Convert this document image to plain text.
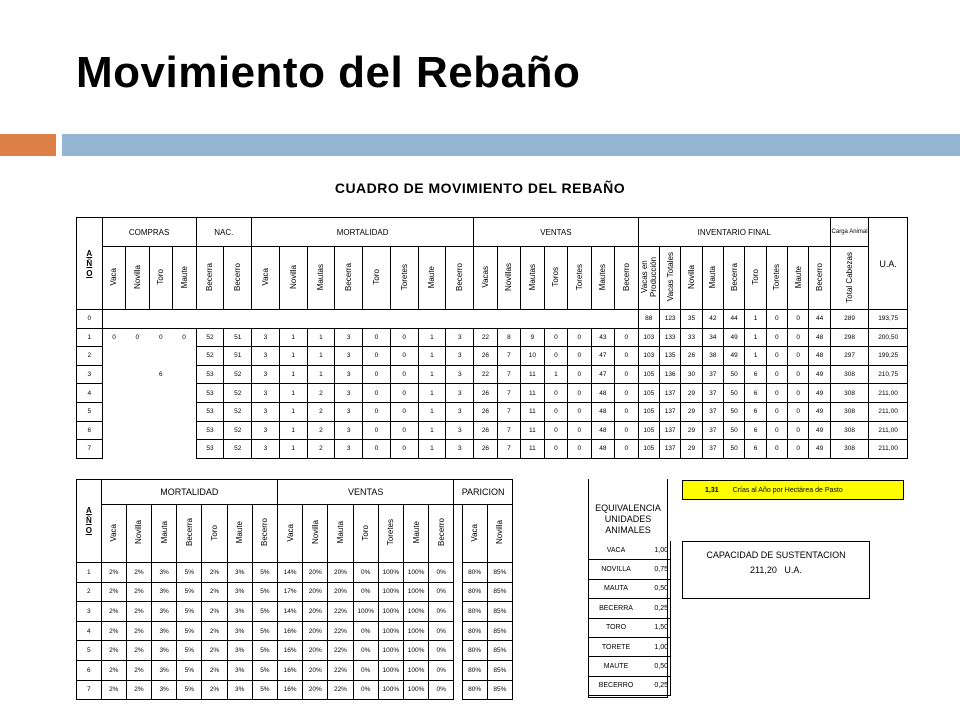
Movimiento del Rebaño
CUADRO DE MOVIMIENTO DEL REBAÑO
A
Ñ
O	COMPRAS				NAC.		MORTALIDAD								VENTAS							INVENTARIO FINAL									Carga Animal	U.A.
	Vaca	Novilla	Toro	Maute	Becerra	Becerro	Vaca	Novilla	Mautas	Becerra	Toro	Toretes	Maute	Becerro	Vacas	Novillas	Mautas	Toros	Toretes	Mautes	Becerro	Vacas en Producción	Vacas Totales	Novilla	Mauta	Becerra	Toro	Toretes	Maute	Becerro	Total Cabezas	
0																						88	123	35	42	44	1	0	0	44	289	193,75
1	0	0	0	0	52	51	3	1	1	3	0	0	1	3	22	8	9	0	0	43	0	103	133	33	34	49	1	0	0	48	298	200,50
2					52	51	3	1	1	3	0	0	1	3	26	7	10	0	0	47	0	103	135	26	38	49	1	0	0	48	297	199,25
3			6		53	52	3	1	1	3	0	0	1	3	22	7	11	1	0	47	0	105	136	30	37	50	6	0	0	49	308	210,75
4					53	52	3	1	2	3	0	0	1	3	26	7	11	0	0	48	0	105	137	29	37	50	6	0	0	49	308	211,00
5					53	52	3	1	2	3	0	0	1	3	26	7	11	0	0	48	0	105	137	29	37	50	6	0	0	49	308	211,00
6					53	52	3	1	2	3	0	0	1	3	26	7	11	0	0	48	0	105	137	29	37	50	6	0	0	49	308	211,00
7					53	52	3	1	2	3	0	0	1	3	26	7	11	0	0	48	0	105	137	29	37	50	6	0	0	49	308	211,00
A
Ñ
O	MORTALIDAD							VENTAS							PARICION			
	Vaca	Novilla	Mauta	Becerra	Toro	Maute	Becerro	Vaca	Novilla	Mauta	Toro	Toretes	Maute	Becerro		Vaca	Novilla	
1	2%	2%	3%	5%	2%	3%	5%	14%	20%	20%	0%	100%	100%	0%		80%	85%	
2	2%	2%	3%	5%	2%	3%	5%	17%	20%	20%	0%	100%	100%	0%		80%	85%	
3	2%	2%	3%	5%	2%	3%	5%	14%	20%	22%	100%	100%	100%	0%		80%	85%	
4	2%	2%	3%	5%	2%	3%	5%	16%	20%	22%	0%	100%	100%	0%		80%	85%	
5	2%	2%	3%	5%	2%	3%	5%	16%	20%	22%	0%	100%	100%	0%		80%	85%	
6	2%	2%	3%	5%	2%	3%	5%	16%	20%	22%	0%	100%	100%	0%		80%	85%	
7	2%	2%	3%	5%	2%	3%	5%	16%	20%	22%	0%	100%	100%	0%		80%	85%	
EQUIVALENCIA UNIDADES ANIMALES
VACA	1,00
NOVILLA	0,75
MAUTA	0,50
BECERRA	0,25
TORO	1,50
TORETE	1,00
MAUTE	0,50
BECERRO	0,25
1,31 Crías al Año por Hectárea de Pasto
CAPACIDAD DE SUSTENTACION
211,20 U.A.
